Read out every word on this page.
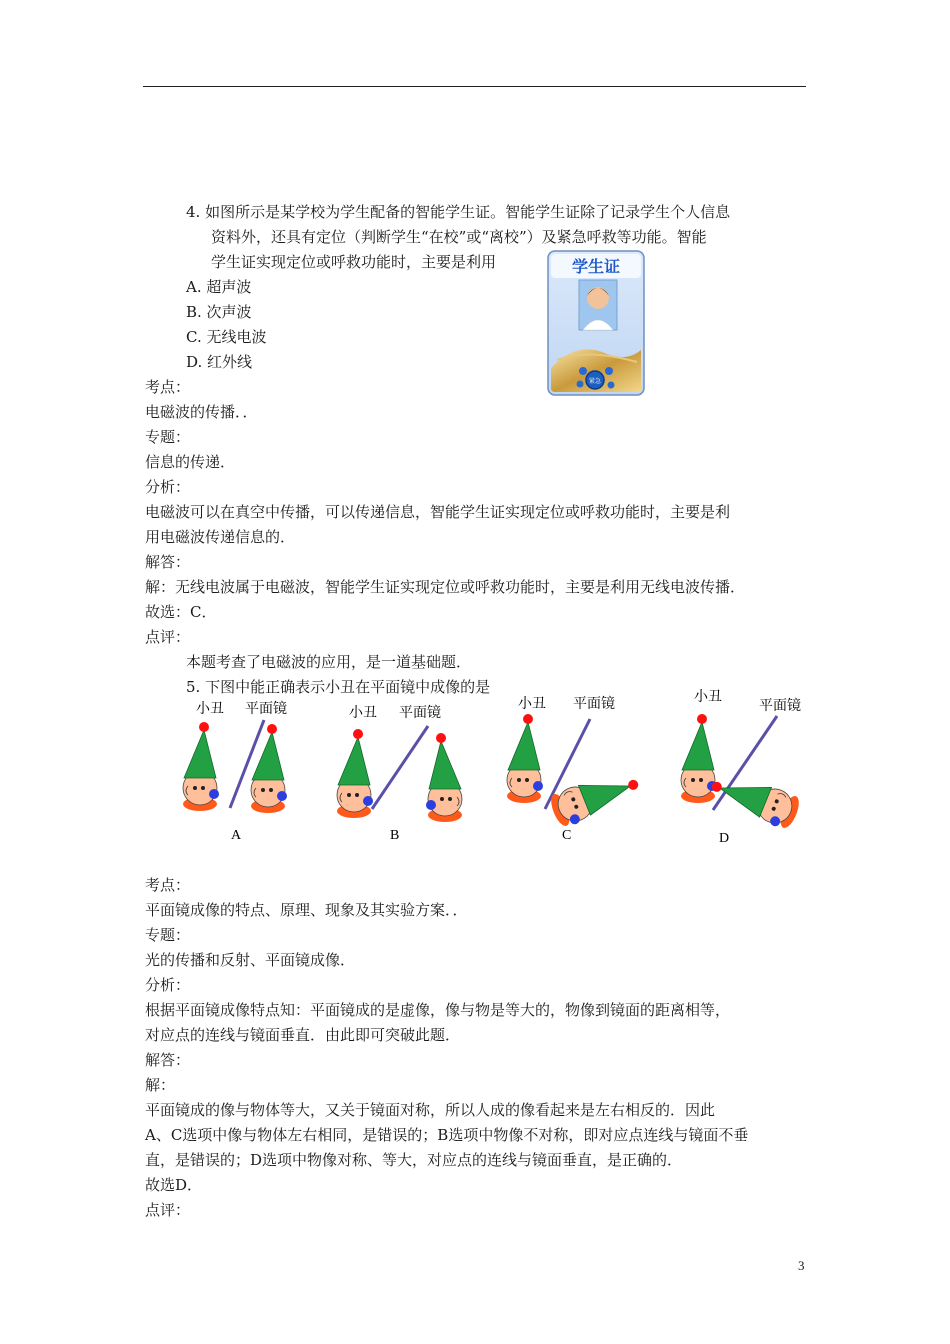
4. 如图所示是某学校为学生配备的智能学生证。智能学生证除了记录学生个人信息
资料外，还具有定位（判断学生“在校”或“离校”）及紧急呼救等功能。智能
学生证实现定位或呼救功能时，主要是利用
A. 超声波
B. 次声波
C. 无线电波
D. 红外线
学生证
紧急
考点：
电磁波的传播．．
专题：
信息的传递．
分析：
电磁波可以在真空中传播，可以传递信息，智能学生证实现定位或呼救功能时，主要是利
用电磁波传递信息的．
解答：
解：无线电波属于电磁波，智能学生证实现定位或呼救功能时，主要是利用无线电波传播．
故选：C．
点评：
本题考查了电磁波的应用，是一道基础题．
5. 下图中能正确表示小丑在平面镜中成像的是
小丑 平面镜
A
小丑 平面镜
B
小丑 平面镜
C
小丑
平面镜
D
考点：
平面镜成像的特点、原理、现象及其实验方案．．
专题：
光的传播和反射、平面镜成像．
分析：
根据平面镜成像特点知：平面镜成的是虚像，像与物是等大的，物像到镜面的距离相等，
对应点的连线与镜面垂直．由此即可突破此题．
解答：
解：
平面镜成的像与物体等大，又关于镜面对称，所以人成的像看起来是左右相反的．因此
A、C选项中像与物体左右相同，是错误的；B选项中物像不对称，即对应点连线与镜面不垂
直，是错误的；D选项中物像对称、等大，对应点的连线与镜面垂直，是正确的．
故选D．
点评：
3
